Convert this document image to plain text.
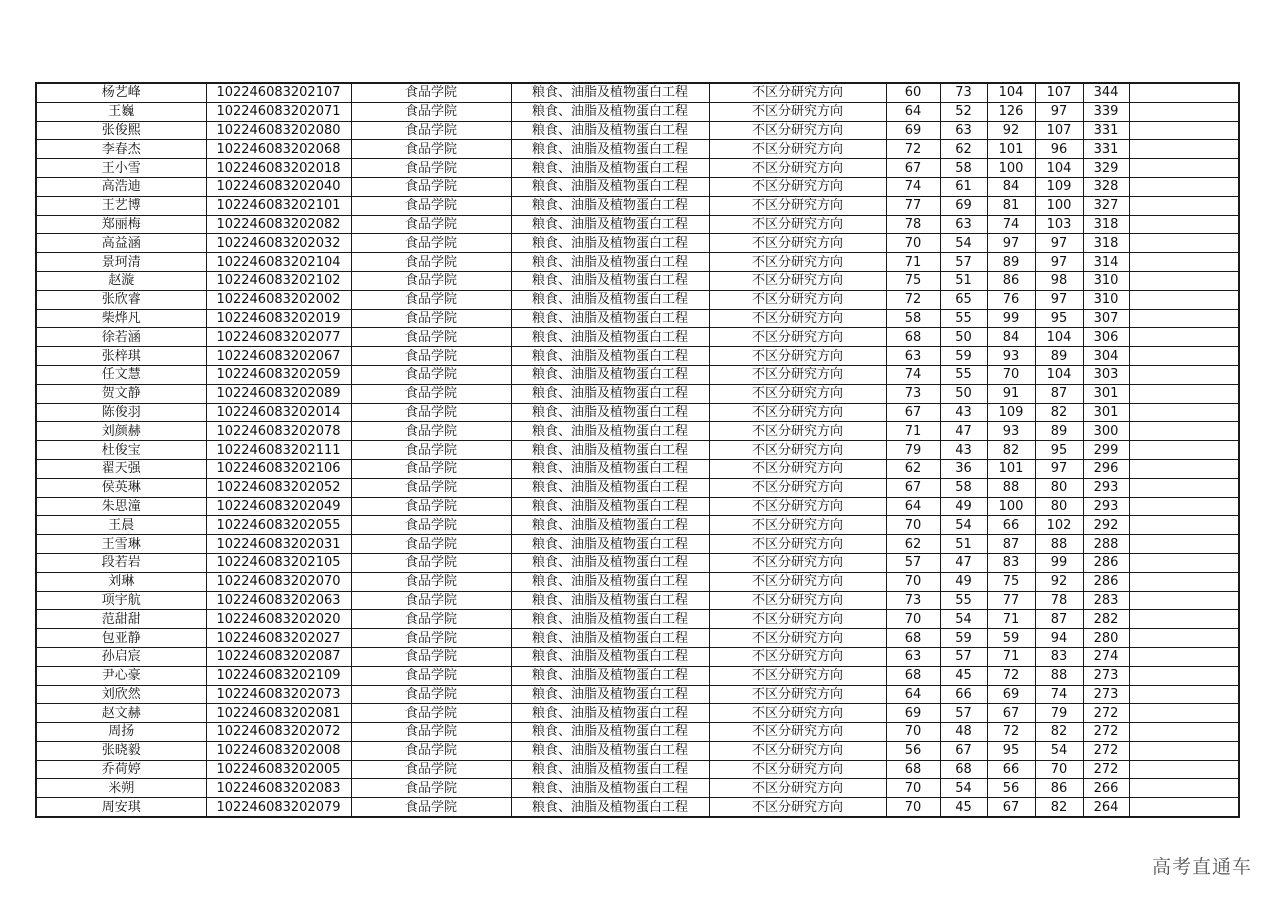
杨艺峰	102246083202107	食品学院	粮食、油脂及植物蛋白工程	不区分研究方向	60	73	104	107	344	
王巍	102246083202071	食品学院	粮食、油脂及植物蛋白工程	不区分研究方向	64	52	126	97	339	
张俊熙	102246083202080	食品学院	粮食、油脂及植物蛋白工程	不区分研究方向	69	63	92	107	331	
李春杰	102246083202068	食品学院	粮食、油脂及植物蛋白工程	不区分研究方向	72	62	101	96	331	
王小雪	102246083202018	食品学院	粮食、油脂及植物蛋白工程	不区分研究方向	67	58	100	104	329	
高浩迪	102246083202040	食品学院	粮食、油脂及植物蛋白工程	不区分研究方向	74	61	84	109	328	
王艺博	102246083202101	食品学院	粮食、油脂及植物蛋白工程	不区分研究方向	77	69	81	100	327	
郑丽梅	102246083202082	食品学院	粮食、油脂及植物蛋白工程	不区分研究方向	78	63	74	103	318	
高益涵	102246083202032	食品学院	粮食、油脂及植物蛋白工程	不区分研究方向	70	54	97	97	318	
景珂清	102246083202104	食品学院	粮食、油脂及植物蛋白工程	不区分研究方向	71	57	89	97	314	
赵漩	102246083202102	食品学院	粮食、油脂及植物蛋白工程	不区分研究方向	75	51	86	98	310	
张欣睿	102246083202002	食品学院	粮食、油脂及植物蛋白工程	不区分研究方向	72	65	76	97	310	
柴烨凡	102246083202019	食品学院	粮食、油脂及植物蛋白工程	不区分研究方向	58	55	99	95	307	
徐若涵	102246083202077	食品学院	粮食、油脂及植物蛋白工程	不区分研究方向	68	50	84	104	306	
张梓琪	102246083202067	食品学院	粮食、油脂及植物蛋白工程	不区分研究方向	63	59	93	89	304	
任文慧	102246083202059	食品学院	粮食、油脂及植物蛋白工程	不区分研究方向	74	55	70	104	303	
贺文静	102246083202089	食品学院	粮食、油脂及植物蛋白工程	不区分研究方向	73	50	91	87	301	
陈俊羽	102246083202014	食品学院	粮食、油脂及植物蛋白工程	不区分研究方向	67	43	109	82	301	
刘颜赫	102246083202078	食品学院	粮食、油脂及植物蛋白工程	不区分研究方向	71	47	93	89	300	
杜俊宝	102246083202111	食品学院	粮食、油脂及植物蛋白工程	不区分研究方向	79	43	82	95	299	
翟天强	102246083202106	食品学院	粮食、油脂及植物蛋白工程	不区分研究方向	62	36	101	97	296	
侯英琳	102246083202052	食品学院	粮食、油脂及植物蛋白工程	不区分研究方向	67	58	88	80	293	
朱思潼	102246083202049	食品学院	粮食、油脂及植物蛋白工程	不区分研究方向	64	49	100	80	293	
王晨	102246083202055	食品学院	粮食、油脂及植物蛋白工程	不区分研究方向	70	54	66	102	292	
王雪琳	102246083202031	食品学院	粮食、油脂及植物蛋白工程	不区分研究方向	62	51	87	88	288	
段若岩	102246083202105	食品学院	粮食、油脂及植物蛋白工程	不区分研究方向	57	47	83	99	286	
刘琳	102246083202070	食品学院	粮食、油脂及植物蛋白工程	不区分研究方向	70	49	75	92	286	
项宇航	102246083202063	食品学院	粮食、油脂及植物蛋白工程	不区分研究方向	73	55	77	78	283	
范甜甜	102246083202020	食品学院	粮食、油脂及植物蛋白工程	不区分研究方向	70	54	71	87	282	
包亚静	102246083202027	食品学院	粮食、油脂及植物蛋白工程	不区分研究方向	68	59	59	94	280	
孙启宸	102246083202087	食品学院	粮食、油脂及植物蛋白工程	不区分研究方向	63	57	71	83	274	
尹心豪	102246083202109	食品学院	粮食、油脂及植物蛋白工程	不区分研究方向	68	45	72	88	273	
刘欣然	102246083202073	食品学院	粮食、油脂及植物蛋白工程	不区分研究方向	64	66	69	74	273	
赵文赫	102246083202081	食品学院	粮食、油脂及植物蛋白工程	不区分研究方向	69	57	67	79	272	
周扬	102246083202072	食品学院	粮食、油脂及植物蛋白工程	不区分研究方向	70	48	72	82	272	
张晓毅	102246083202008	食品学院	粮食、油脂及植物蛋白工程	不区分研究方向	56	67	95	54	272	
乔荷婷	102246083202005	食品学院	粮食、油脂及植物蛋白工程	不区分研究方向	68	68	66	70	272	
米朔	102246083202083	食品学院	粮食、油脂及植物蛋白工程	不区分研究方向	70	54	56	86	266	
周安琪	102246083202079	食品学院	粮食、油脂及植物蛋白工程	不区分研究方向	70	45	67	82	264	
高考直通车
